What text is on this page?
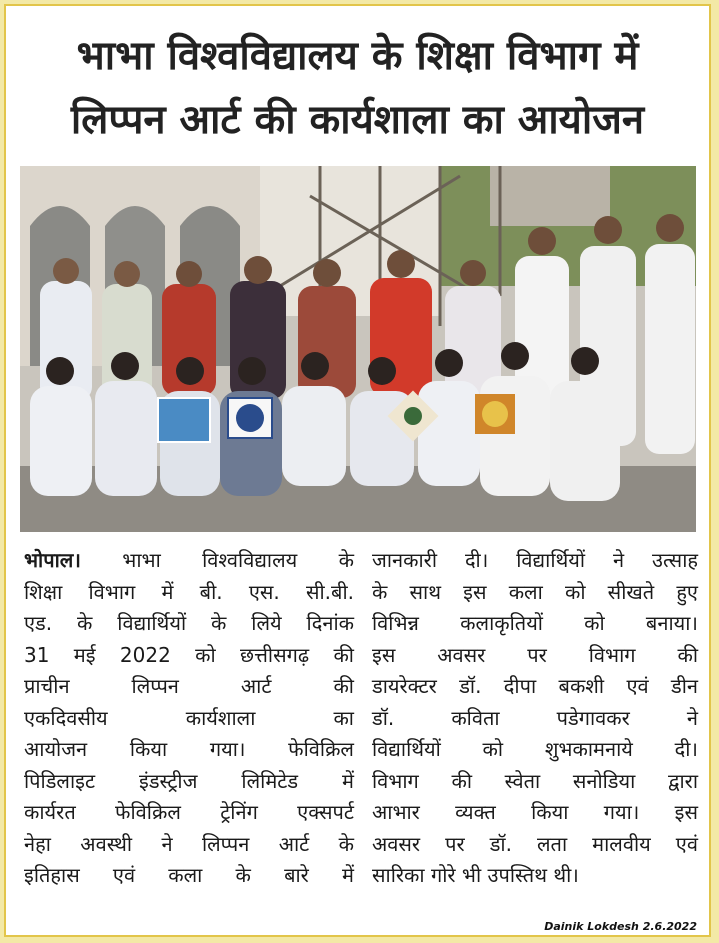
भाभा विश्वविद्यालय के शिक्षा विभाग में
लिप्पन आर्ट की कार्यशाला का आयोजन
भोपाल। भाभा विश्वविद्यालय के
शिक्षा विभाग में बी. एस. सी.बी.
एड. के विद्यार्थियों के लिये दिनांक
31 मई 2022 को छत्तीसगढ़ की
प्राचीन लिप्पन आर्ट की
एकदिवसीय कार्यशाला का
आयोजन किया गया। फेविक्रिल
पिडिलाइट इंडस्ट्रीज लिमिटेड में
कार्यरत फेविक्रिल ट्रेनिंग एक्सपर्ट
नेहा अवस्थी ने लिप्पन आर्ट के
इतिहास एवं कला के बारे में
जानकारी दी। विद्यार्थियों ने उत्साह
के साथ इस कला को सीखते हुए
विभिन्न कलाकृतियों को बनाया।
इस अवसर पर विभाग की
डायरेक्टर डॉ. दीपा बकशी एवं डीन
डॉ. कविता पडेगावकर ने
विद्यार्थियों को शुभकामनाये दी।
विभाग की स्वेता सनोडिया द्वारा
आभार व्यक्त किया गया। इस
अवसर पर डॉ. लता मालवीय एवं
सारिका गोरे भी उपस्तिथ थी।
Dainik Lokdesh 2.6.2022
